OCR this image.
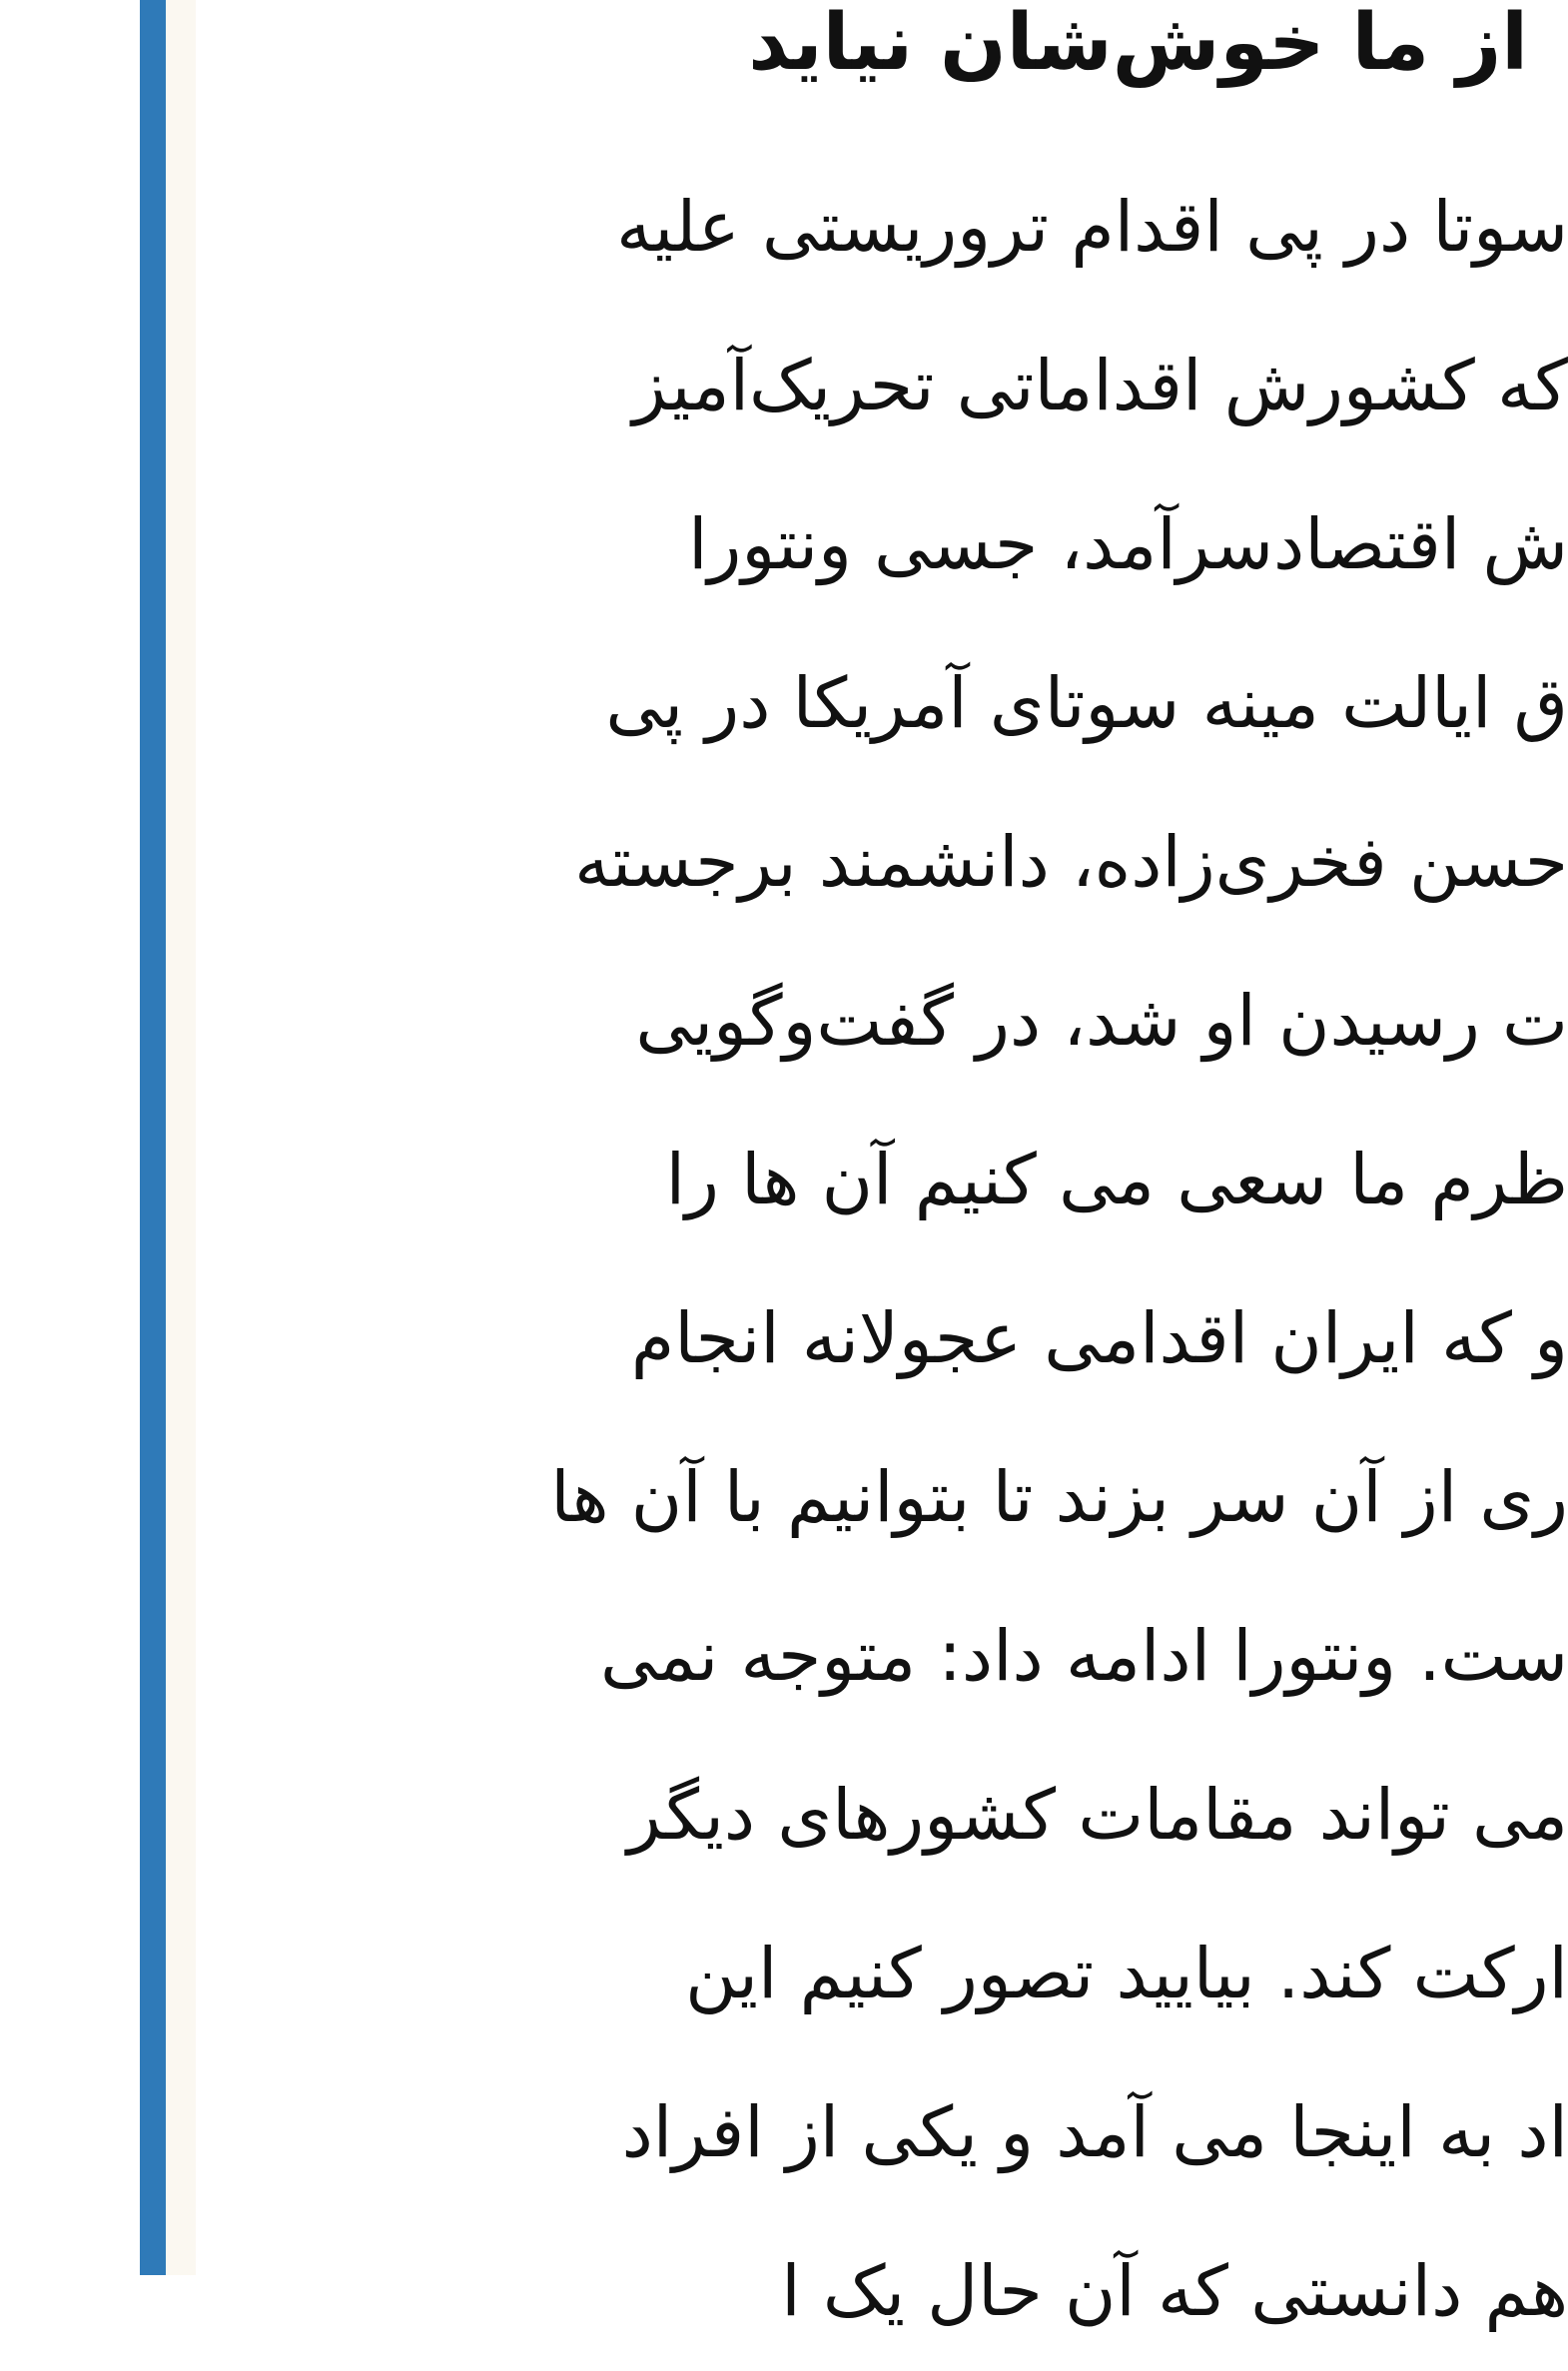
از ما خوش‌شان نیاید
سوتا در پی اقدام تروریستی علیه
که کشورش اقداماتی تحریک‌آمیز
ش اقتصادسرآمد، جسی ونتورا
ق ایالت مینه سوتای آمریکا در پی
حسن فخری‌زاده، دانشمند برجسته
ت رسیدن او شد، در گفت‌وگویی
ظرم ما سعی می کنیم آن ها را
و که ایران اقدامی عجولانه انجام
ری از آن سر بزند تا بتوانیم با آن ها
ست. ونتورا ادامه داد: متوجه نمی
می تواند مقامات کشورهای دیگر
ارکت کند. بیایید تصور کنیم این
اد به اینجا می آمد و یکی از افراد
هم دانستی که آن حال یک ا
